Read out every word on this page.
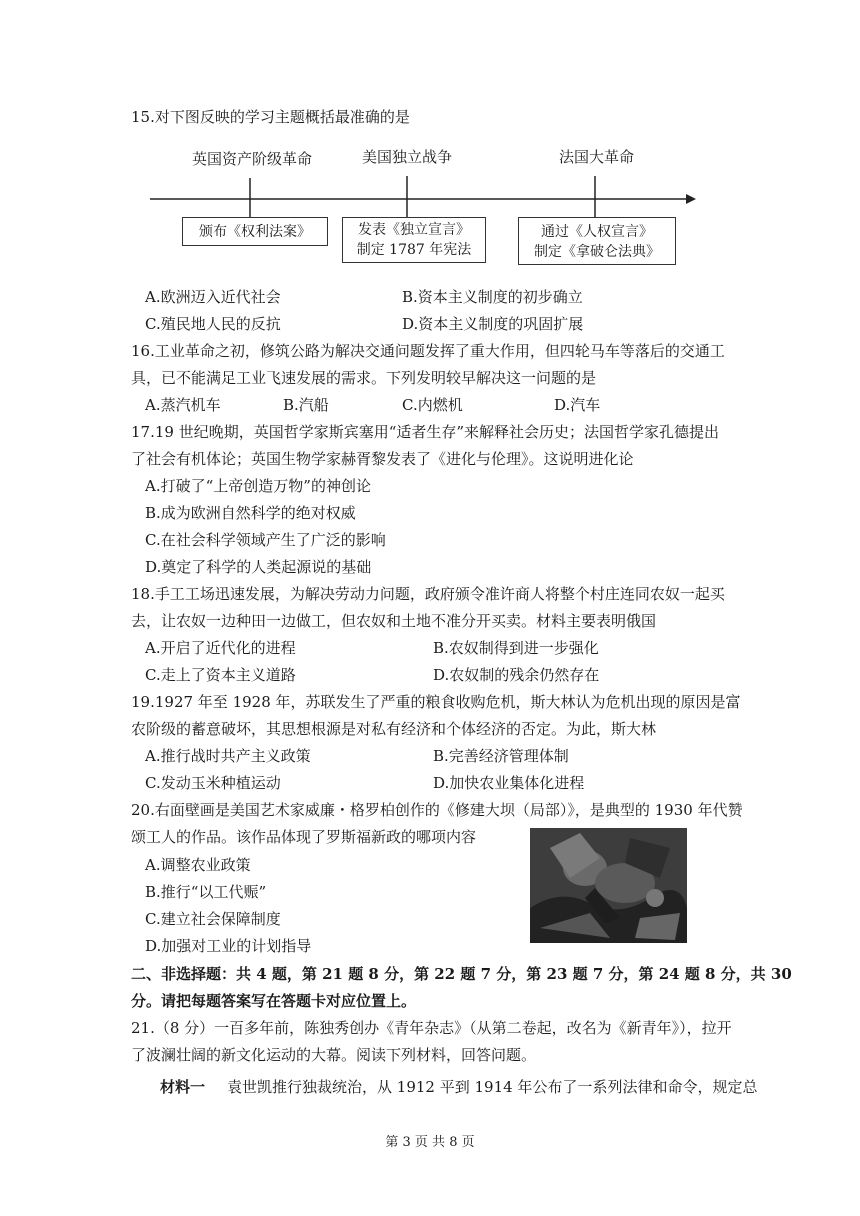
15.对下图反映的学习主题概括最准确的是
英国资产阶级革命	美国独立战争	法国大革命
颁布《权利法案》	发表《独立宣言》
制定 1787 年宪法
通过《人权宣言》
制定《拿破仑法典》
A.欧洲迈入近代社会	B.资本主义制度的初步确立
C.殖民地人民的反抗	D.资本主义制度的巩固扩展
16.工业革命之初，修筑公路为解决交通问题发挥了重大作用，但四轮马车等落后的交通工
具，已不能满足工业飞速发展的需求。下列发明较早解决这一问题的是
A.蒸汽机车	B.汽船	C.内燃机	D.汽车
17.19 世纪晚期，英国哲学家斯宾塞用“适者生存”来解释社会历史；法国哲学家孔德提出
了社会有机体论；英国生物学家赫胥黎发表了《进化与伦理》。这说明进化论
A.打破了“上帝创造万物”的神创论
B.成为欧洲自然科学的绝对权威
C.在社会科学领域产生了广泛的影响
D.奠定了科学的人类起源说的基础
18.手工工场迅速发展，为解决劳动力问题，政府颁令准许商人将整个村庄连同农奴一起买
去，让农奴一边种田一边做工，但农奴和土地不准分开买卖。材料主要表明俄国
A.开启了近代化的进程	B.农奴制得到进一步强化
C.走上了资本主义道路	D.农奴制的残余仍然存在
19.1927 年至 1928 年，苏联发生了严重的粮食收购危机，斯大林认为危机出现的原因是富
农阶级的蓄意破坏，其思想根源是对私有经济和个体经济的否定。为此，斯大林
A.推行战时共产主义政策	B.完善经济管理体制
C.发动玉米种植运动	D.加快农业集体化进程
20.右面壁画是美国艺术家威廉・格罗柏创作的《修建大坝（局部）》，是典型的 1930 年代赞
颂工人的作品。该作品体现了罗斯福新政的哪项内容
A.调整农业政策
B.推行“以工代赈”
C.建立社会保障制度
D.加强对工业的计划指导
二、非选择题：共 4 题，第 21 题 8 分，第 22 题 7 分，第 23 题 7 分，第 24 题 8 分，共 30
分。请把每题答案写在答题卡对应位置上。
21.（8 分）一百多年前，陈独秀创办《青年杂志》（从第二卷起，改名为《新青年》），拉开
了波澜壮阔的新文化运动的大幕。阅读下列材料，回答问题。
材料一 袁世凯推行独裁统治，从 1912 平到 1914 年公布了一系列法律和命令，规定总
第 3 页 共 8 页
